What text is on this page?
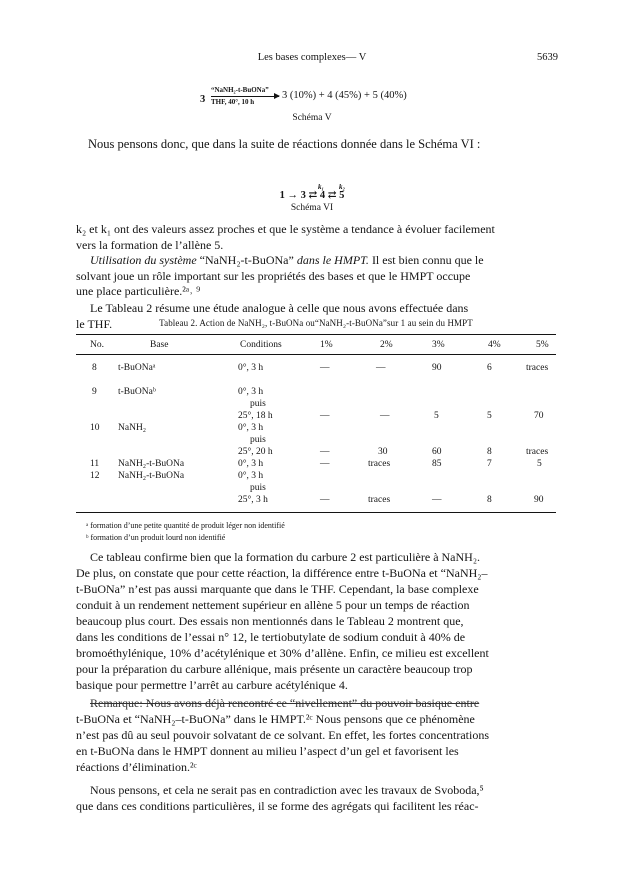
Les bases complexes— V	5639
3
“NaNH₂-t-BuONa”
THF, 40°, 10 h
3 (10%) + 4 (45%) + 5 (40%)
Schéma V
Nous pensons donc, que dans la suite de réactions donnée dans le Schéma VI :
1 → 3 ⇄ 4 ⇄ 5
k₁ k₂
Schéma VI

k₂ et k₁ ont des valeurs assez proches et que le système a tendance à évoluer facilement

vers la formation de l’allène 5.

Utilisation du système “NaNH₂-t-BuONa” dans le HMPT. Il est bien connu que le

solvant joue un rôle important sur les propriétés des bases et que le HMPT occupe

une place particulière.²ᵃ˒ ⁹

Le Tableau 2 résume une étude analogue à celle que nous avons effectuée dans

le THF.	Tableau 2. Action de NaNH₂, t-BuONa ou“NaNH₂-t-BuONa”sur 1 au sein du HMPT
No.	Base	Conditions	1%	2%	3%	4%	5%
8 t-BuONaᵃ	0°, 3 h	—	—	90	6	traces
9 t-BuONaᵇ	0°, 3 h
puis
25°, 18 h	—	—	5	5	70
10 NaNH₂	0°, 3 h
puis
25°, 20 h	—	30	60	8	traces
11 NaNH₂-t-BuONa	0°, 3 h	—	traces	85	7	5
12 NaNH₂-t-BuONa	0°, 3 h
puis
25°, 3 h	—	traces	—	8	90
ᵃ formation d’une petite quantité de produit léger non identifié
ᵇ formation d’un produit lourd non identifié

Ce tableau confirme bien que la formation du carbure 2 est particulière à NaNH₂.

De plus, on constate que pour cette réaction, la différence entre t-BuONa et “NaNH₂–

t-BuONa” n’est pas aussi marquante que dans le THF. Cependant, la base complexe

conduit à un rendement nettement supérieur en allène 5 pour un temps de réaction

beaucoup plus court. Des essais non mentionnés dans le Tableau 2 montrent que,

dans les conditions de l’essai n° 12, le tertiobutylate de sodium conduit à 40% de

bromoéthylénique, 10% d’acétylénique et 30% d’allène. Enfin, ce milieu est excellent

pour la préparation du carbure allénique, mais présente un caractère beaucoup trop

basique pour permettre l’arrêt au carbure acétylénique 4.

Remarque: Nous avons déjà rencontré ce “nivellement” du pouvoir basique entre

t-BuONa et “NaNH₂–t-BuONa” dans le HMPT.²ᶜ Nous pensons que ce phénomène

n’est pas dû au seul pouvoir solvatant de ce solvant. En effet, les fortes concentrations

en t-BuONa dans le HMPT donnent au milieu l’aspect d’un gel et favorisent les

réactions d’élimination.²ᶜ

Nous pensons, et cela ne serait pas en contradiction avec les travaux de Svoboda,⁵

que dans ces conditions particulières, il se forme des agrégats qui facilitent les réac-
